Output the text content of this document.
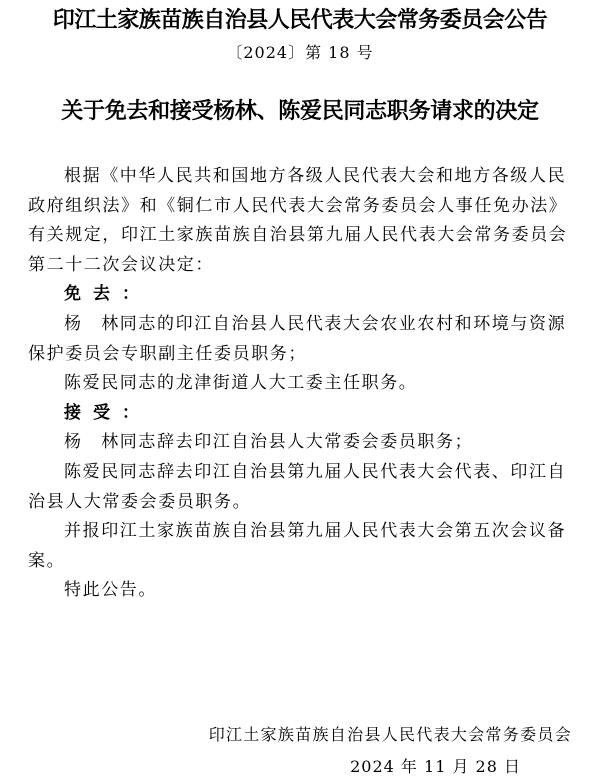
印江土家族苗族自治县人民代表大会常务委员会公告
〔2024〕第 18 号
关于免去和接受杨林、陈爱民同志职务请求的决定

根据《中华人民共和国地方各级人民代表大会和地方各级人民政府组织法》和《铜仁市人民代表大会常务委员会人事任免办法》有关规定，印江土家族苗族自治县第九届人民代表大会常务委员会第二十二次会议决定：

免去：

杨　林同志的印江自治县人民代表大会农业农村和环境与资源保护委员会专职副主任委员职务；

陈爱民同志的龙津街道人大工委主任职务。

接受：

杨　林同志辞去印江自治县人大常委会委员职务；

陈爱民同志辞去印江自治县第九届人民代表大会代表、印江自治县人大常委会委员职务。

并报印江土家族苗族自治县第九届人民代表大会第五次会议备案。

特此公告。

印江土家族苗族自治县人民代表大会常务委员会
2024 年 11 月 28 日
